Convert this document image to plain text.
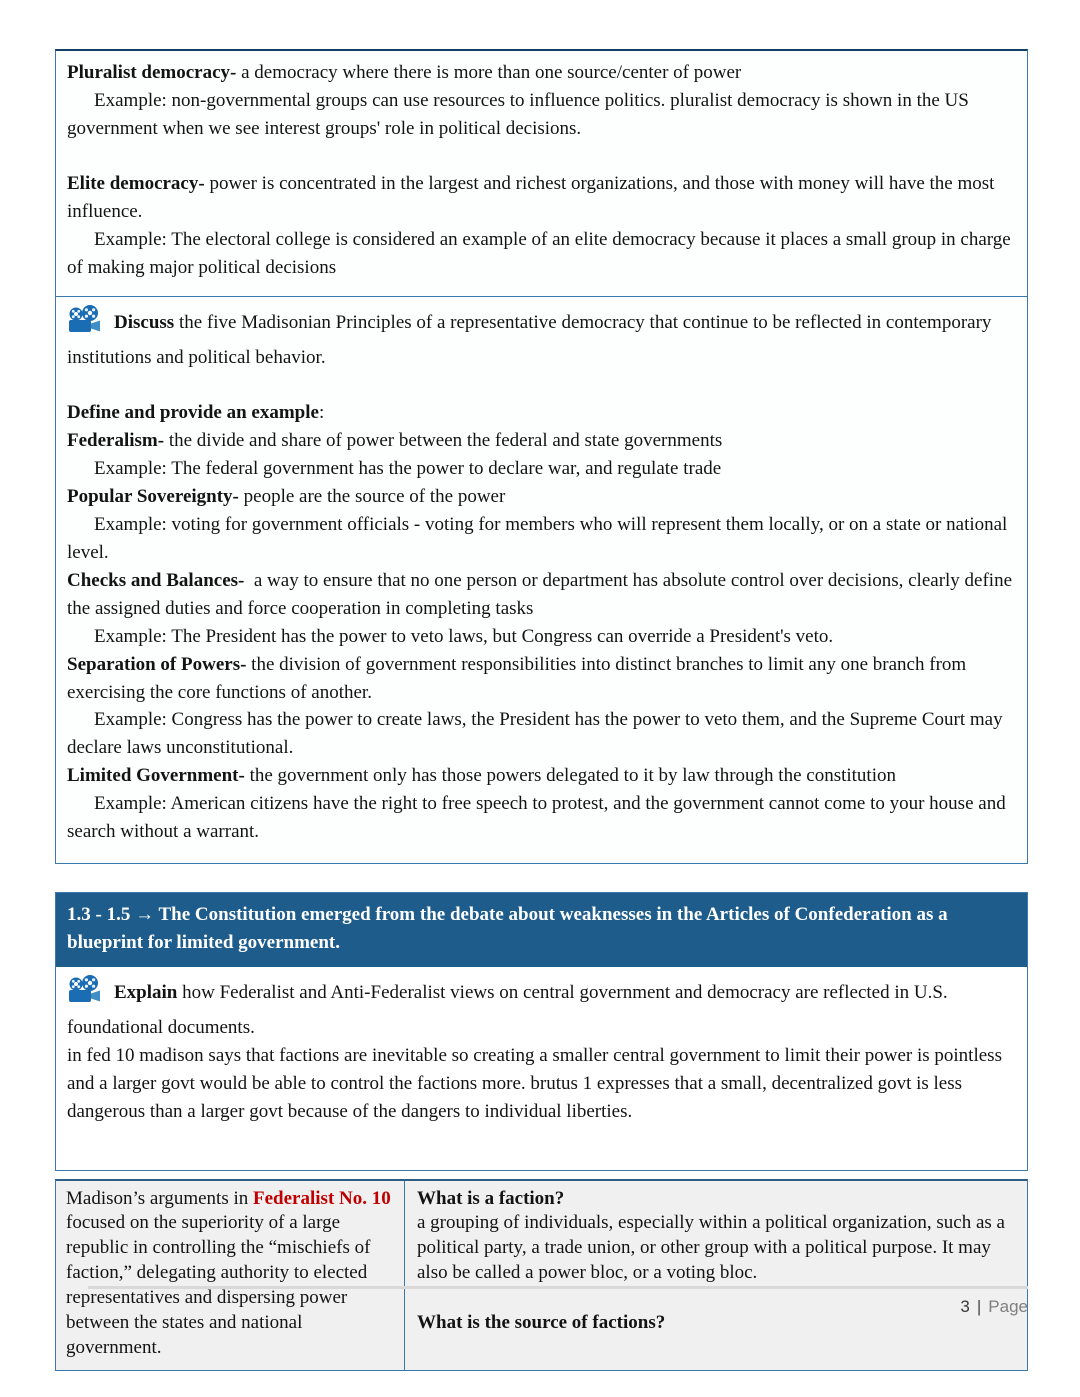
Pluralist democracy- a democracy where there is more than one source/center of power

Example: non-governmental groups can use resources to influence politics. pluralist democracy is shown in the US government when we see interest groups' role in political decisions.

Elite democracy- power is concentrated in the largest and richest organizations, and those with money will have the most influence.

Example: The electoral college is considered an example of an elite democracy because it places a small group in charge of making major political decisions

Discuss the five Madisonian Principles of a representative democracy that continue to be reflected in contemporary institutions and political behavior.

Define and provide an example:

Federalism- the divide and share of power between the federal and state governments

Example: The federal government has the power to declare war, and regulate trade

Popular Sovereignty- people are the source of the power

Example: voting for government officials - voting for members who will represent them locally, or on a state or national level.

Checks and Balances-  a way to ensure that no one person or department has absolute control over decisions, clearly define the assigned duties and force cooperation in completing tasks

Example: The President has the power to veto laws, but Congress can override a President's veto.

Separation of Powers- the division of government responsibilities into distinct branches to limit any one branch from exercising the core functions of another.

Example: Congress has the power to create laws, the President has the power to veto them, and the Supreme Court may declare laws unconstitutional.

Limited Government- the government only has those powers delegated to it by law through the constitution

Example: American citizens have the right to free speech to protest, and the government cannot come to your house and search without a warrant.

1.3 - 1.5 → The Constitution emerged from the debate about weaknesses in the Articles of Confederation as a blueprint for limited government.

Explain how Federalist and Anti-Federalist views on central government and democracy are reflected in U.S. foundational documents.

in fed 10 madison says that factions are inevitable so creating a smaller central government to limit their power is pointless and a larger govt would be able to control the factions more. brutus 1 expresses that a small, decentralized govt is less dangerous than a larger govt because of the dangers to individual liberties.

Madison’s arguments in Federalist No. 10 focused on the superiority of a large republic in controlling the “mischiefs of faction,” delegating authority to elected representatives and dispersing power between the states and national government.

What is a faction?

a grouping of individuals, especially within a political organization, such as a political party, a trade union, or other group with a political purpose. It may also be called a power bloc, or a voting bloc.

What is the source of factions?

3 | Page
